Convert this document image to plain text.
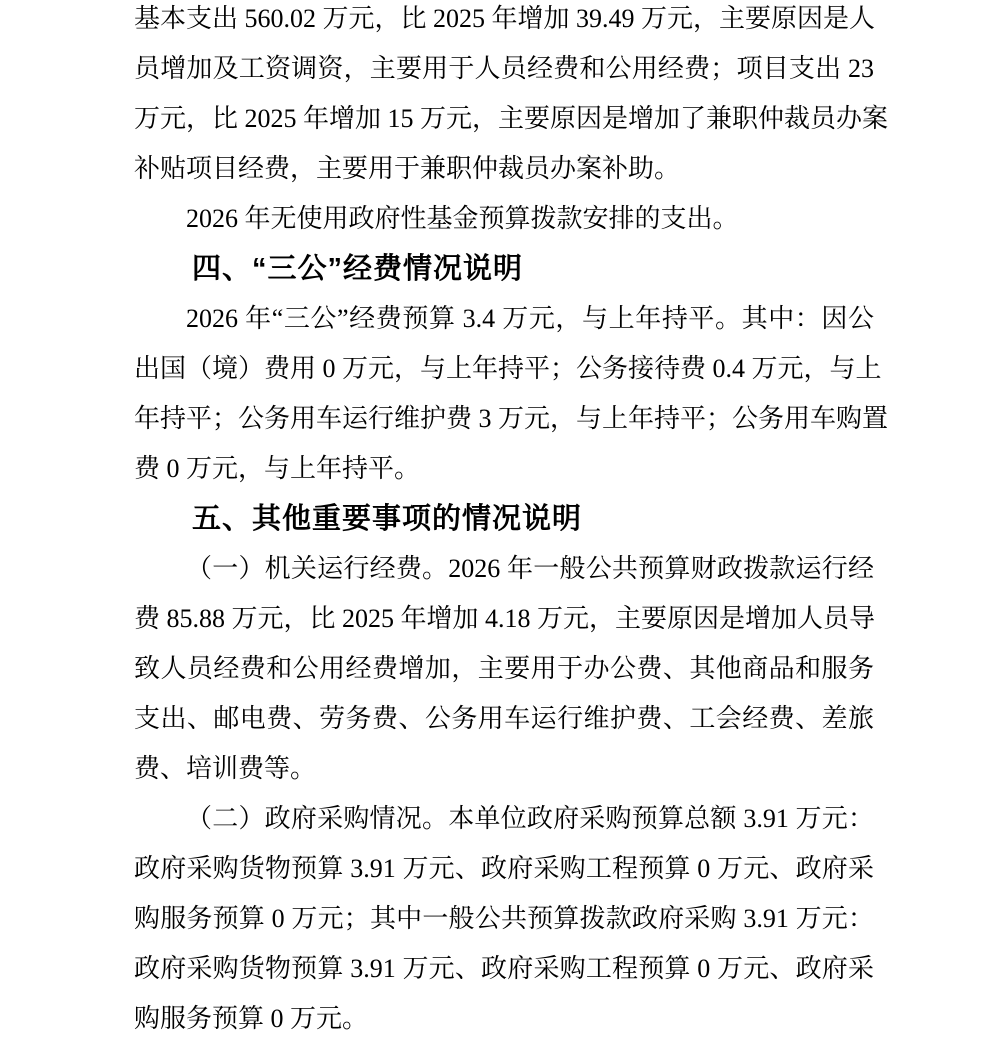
基本支出 560.02 万元，比 2025 年增加 39.49 万元，主要原因是人
员增加及工资调资，主要用于人员经费和公用经费；项目支出 23
万元，比 2025 年增加 15 万元，主要原因是增加了兼职仲裁员办案
补贴项目经费，主要用于兼职仲裁员办案补助。
2026 年无使用政府性基金预算拨款安排的支出。
四、“三公”经费情况说明
2026 年“三公”经费预算 3.4 万元，与上年持平。其中：因公
出国（境）费用 0 万元，与上年持平；公务接待费 0.4 万元，与上
年持平；公务用车运行维护费 3 万元，与上年持平；公务用车购置
费 0 万元，与上年持平。
五、其他重要事项的情况说明
（一）机关运行经费。2026 年一般公共预算财政拨款运行经
费 85.88 万元，比 2025 年增加 4.18 万元，主要原因是增加人员导
致人员经费和公用经费增加，主要用于办公费、其他商品和服务
支出、邮电费、劳务费、公务用车运行维护费、工会经费、差旅
费、培训费等。
（二）政府采购情况。本单位政府采购预算总额 3.91 万元：
政府采购货物预算 3.91 万元、政府采购工程预算 0 万元、政府采
购服务预算 0 万元；其中一般公共预算拨款政府采购 3.91 万元：
政府采购货物预算 3.91 万元、政府采购工程预算 0 万元、政府采
购服务预算 0 万元。
